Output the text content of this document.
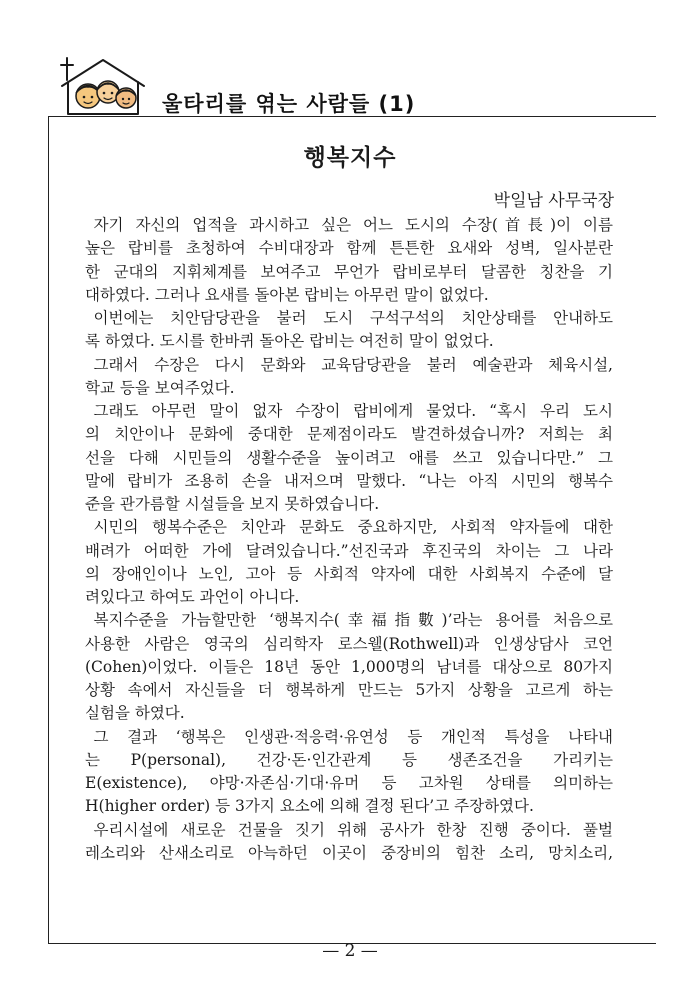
울타리를 엮는 사람들 (1)
행복지수

박일남 사무국장

자기 자신의 업적을 과시하고 싶은 어느 도시의 수장(首長)이 이름
높은 랍비를 초청하여 수비대장과 함께 튼튼한 요새와 성벽, 일사분란
한 군대의 지휘체계를 보여주고 무언가 랍비로부터 달콤한 칭찬을 기
대하였다. 그러나 요새를 돌아본 랍비는 아무런 말이 없었다.
이번에는 치안담당관을 불러 도시 구석구석의 치안상태를 안내하도
록 하였다. 도시를 한바퀴 돌아온 랍비는 여전히 말이 없었다.
그래서 수장은 다시 문화와 교육담당관을 불러 예술관과 체육시설,
학교 등을 보여주었다.
그래도 아무런 말이 없자 수장이 랍비에게 물었다. “혹시 우리 도시
의 치안이나 문화에 중대한 문제점이라도 발견하셨습니까? 저희는 최
선을 다해 시민들의 생활수준을 높이려고 애를 쓰고 있습니다만.” 그
말에 랍비가 조용히 손을 내저으며 말했다. “나는 아직 시민의 행복수
준을 관가름할 시설들을 보지 못하였습니다.
시민의 행복수준은 치안과 문화도 중요하지만, 사회적 약자들에 대한
배려가 어떠한 가에 달려있습니다.”선진국과 후진국의 차이는 그 나라
의 장애인이나 노인, 고아 등 사회적 약자에 대한 사회복지 수준에 달
려있다고 하여도 과언이 아니다.
복지수준을 가늠할만한 ‘행복지수(幸福指數)’라는 용어를 처음으로
사용한 사람은 영국의 심리학자 로스웰(Rothwell)과 인생상담사 코언
(Cohen)이었다. 이들은 18년 동안 1,000명의 남녀를 대상으로 80가지
상황 속에서 자신들을 더 행복하게 만드는 5가지 상황을 고르게 하는
실험을 하였다.
그 결과 ‘행복은 인생관·적응력·유연성 등 개인적 특성을 나타내
는 P(personal), 건강·돈·인간관계 등 생존조건을 가리키는
E(existence), 야망·자존심·기대·유머 등 고차원 상태를 의미하는
H(higher order) 등 3가지 요소에 의해 결정 된다’고 주장하였다.
우리시설에 새로운 건물을 짓기 위해 공사가 한창 진행 중이다. 풀벌
레소리와 산새소리로 아늑하던 이곳이 중장비의 힘찬 소리, 망치소리,

— 2 —
